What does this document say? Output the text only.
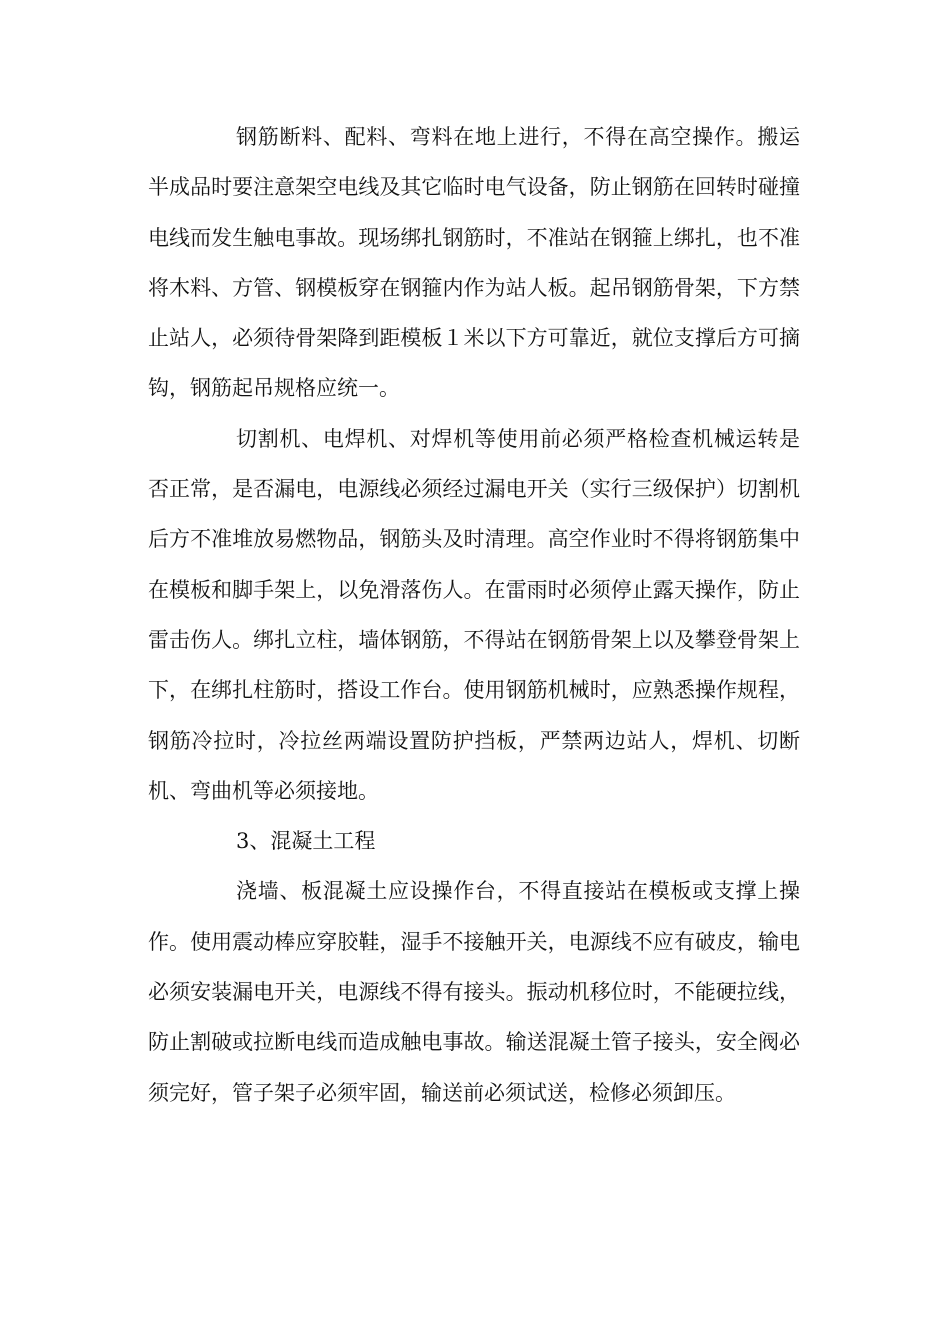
钢筋断料、配料、弯料在地上进行，不得在高空操作。搬运半成品时要注意架空电线及其它临时电气设备，防止钢筋在回转时碰撞电线而发生触电事故。现场绑扎钢筋时，不准站在钢箍上绑扎，也不准将木料、方管、钢模板穿在钢箍内作为站人板。起吊钢筋骨架，下方禁止站人，必须待骨架降到距模板１米以下方可靠近，就位支撑后方可摘钩，钢筋起吊规格应统一。

切割机、电焊机、对焊机等使用前必须严格检查机械运转是否正常，是否漏电，电源线必须经过漏电开关（实行三级保护）切割机后方不准堆放易燃物品，钢筋头及时清理。高空作业时不得将钢筋集中在模板和脚手架上，以免滑落伤人。在雷雨时必须停止露天操作，防止雷击伤人。绑扎立柱，墙体钢筋，不得站在钢筋骨架上以及攀登骨架上下，在绑扎柱筋时，搭设工作台。使用钢筋机械时，应熟悉操作规程，钢筋冷拉时，冷拉丝两端设置防护挡板，严禁两边站人，焊机、切断机、弯曲机等必须接地。

3、混凝土工程

浇墙、板混凝土应设操作台，不得直接站在模板或支撑上操作。使用震动棒应穿胶鞋，湿手不接触开关，电源线不应有破皮，输电必须安装漏电开关，电源线不得有接头。振动机移位时，不能硬拉线，防止割破或拉断电线而造成触电事故。输送混凝土管子接头，安全阀必须完好，管子架子必须牢固，输送前必须试送，检修必须卸压。
